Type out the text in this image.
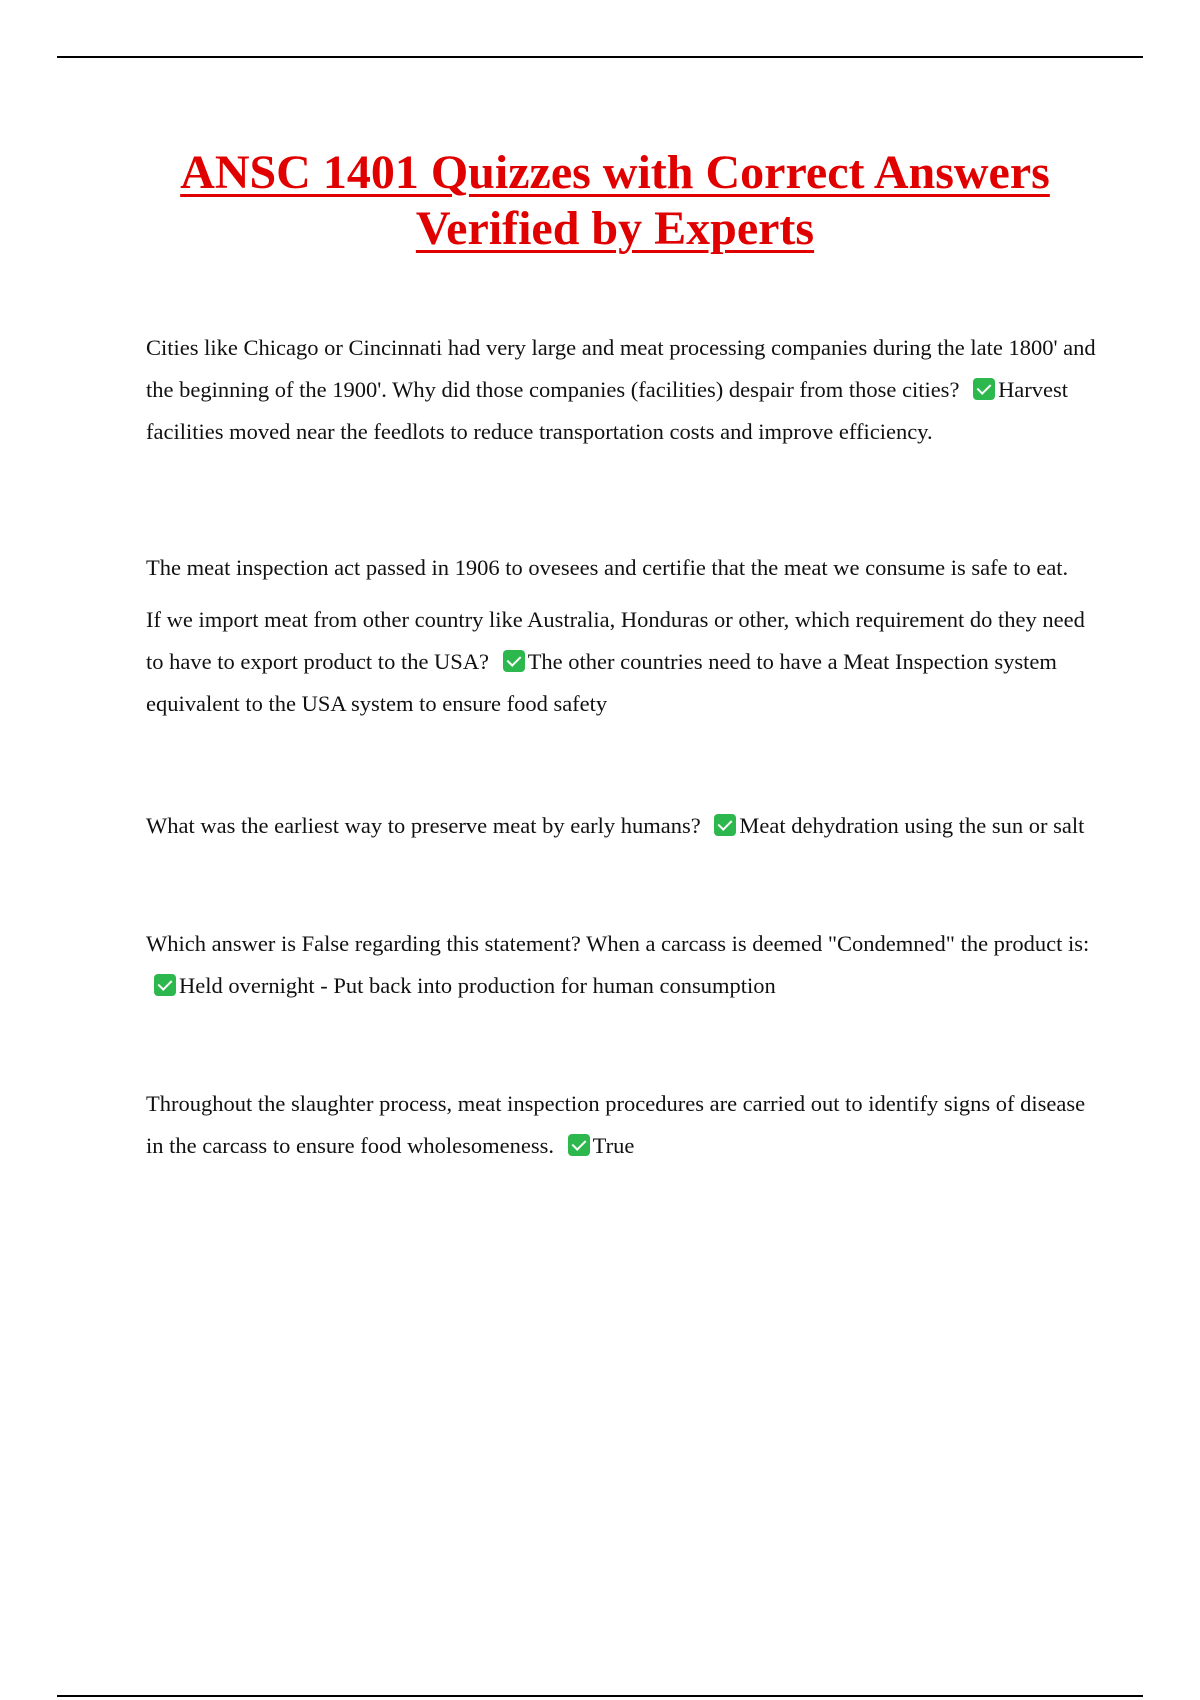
ANSC 1401 Quizzes with Correct Answers Verified by Experts

Cities like Chicago or Cincinnati had very large and meat processing companies during the late 1800' and the beginning of the 1900'. Why did those companies (facilities) despair from those cities? Harvest facilities moved near the feedlots to reduce transportation costs and improve efficiency.

The meat inspection act passed in 1906 to ovesees and certifie that the meat we consume is safe to eat.

If we import meat from other country like Australia, Honduras or other, which requirement do they need to have to export product to the USA? The other countries need to have a Meat Inspection system equivalent to the USA system to ensure food safety

What was the earliest way to preserve meat by early humans? Meat dehydration using the sun or salt

Which answer is False regarding this statement? When a carcass is deemed "Condemned" the product is: Held overnight - Put back into production for human consumption

Throughout the slaughter process, meat inspection procedures are carried out to identify signs of disease in the carcass to ensure food wholesomeness. True
